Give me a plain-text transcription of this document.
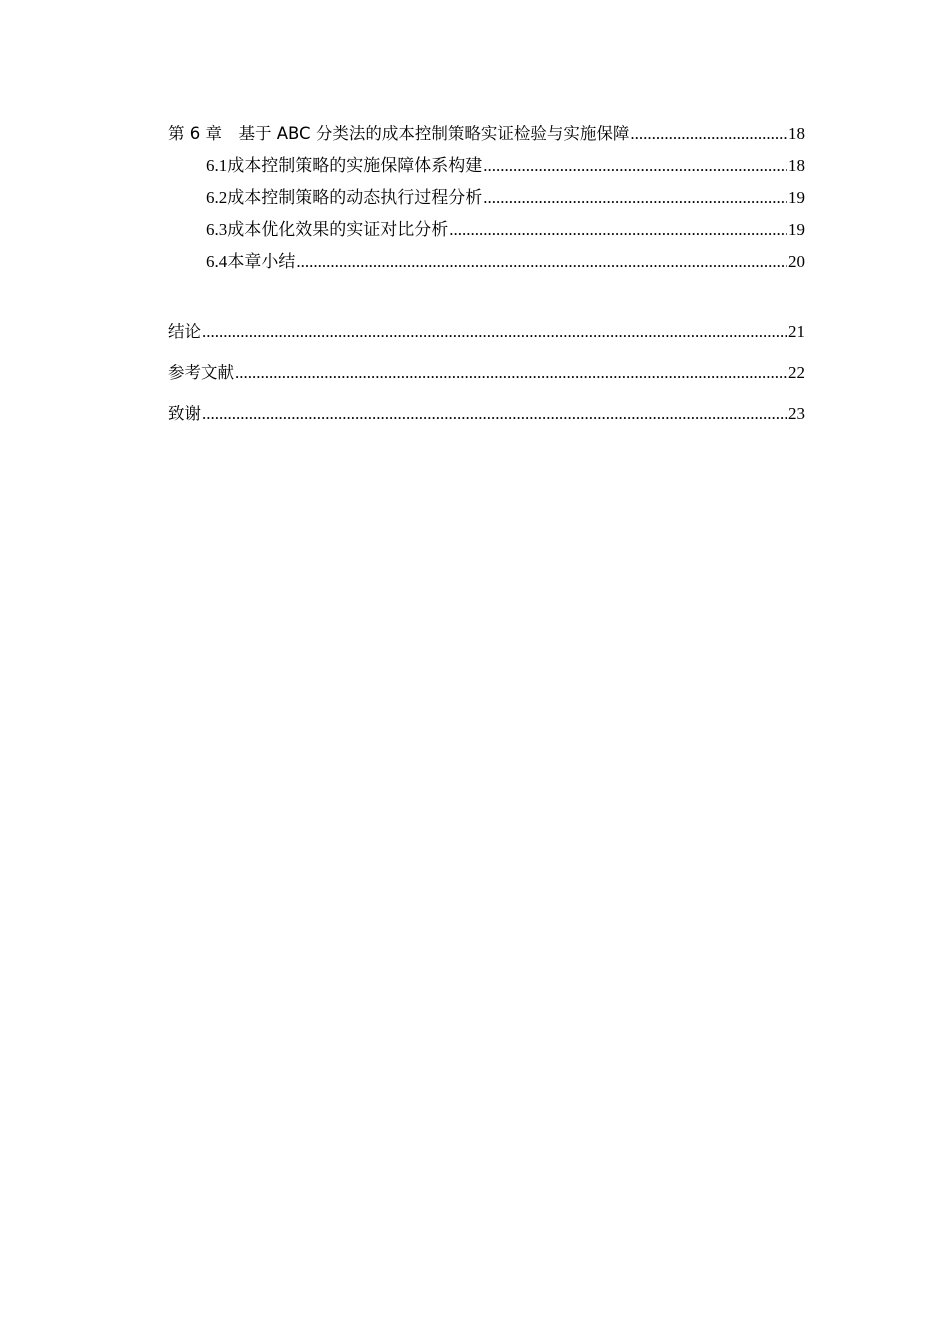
第 6 章　基于 ABC 分类法的成本控制策略实证检验与实施保障 .....	18
6.1 成本控制策略的实施保障体系构建 .....	18
6.2 成本控制策略的动态执行过程分析 .....	19
6.3 成本优化效果的实证对比分析 .....	19
6.4 本章小结 .....	20
结论 .....	21
参考文献 .....	22
致谢 .....	23
